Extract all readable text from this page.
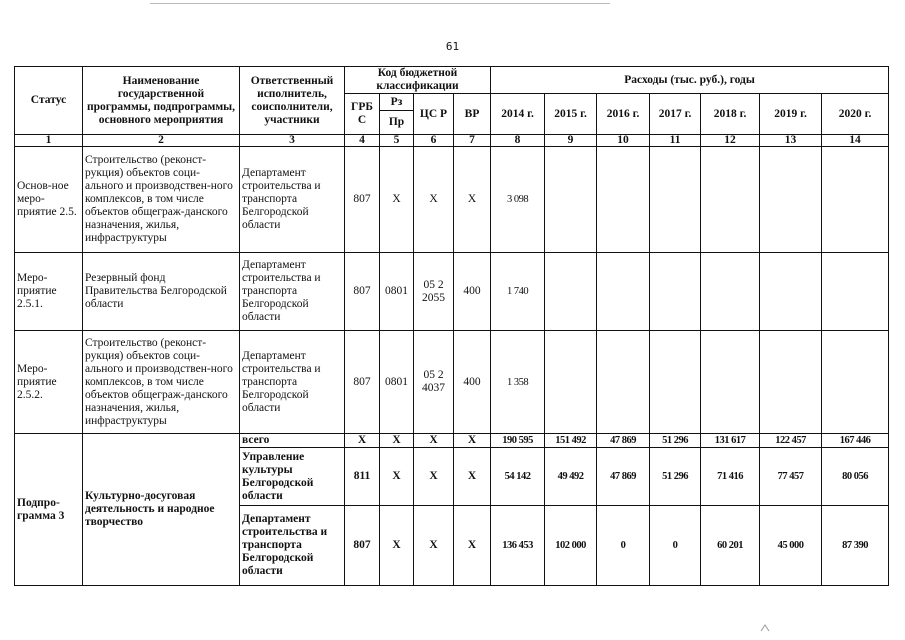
61
Статус	Наименование государственной программы, подпрограммы, основного мероприятия	Ответственный исполнитель, соисполнители, участники	Код бюджетной классификации				Расходы (тыс. руб.), годы						
			ГРБ С	Рз	ЦС Р	ВР	2014 г.	2015 г.	2016 г.	2017 г.	2018 г.	2019 г.	2020 г.
				Пр									
1	2	3	4	5	6	7	8	9	10	11	12	13	14
Основ-ное меро-приятие 2.5.	Строительство (реконст-рукция) объектов соци-ального и производствен-ного комплексов, в том числе объектов общеграж-данского назначения, жилья, инфраструктуры	Департамент строительства и транспорта Белгородской области	807	X	X	X	3 098						
Меро-приятие 2.5.1.	Резервный фонд Правительства Белгородской области	Департамент строительства и транспорта Белгородской области	807	0801	05 2 2055	400	1 740						
Меро-приятие 2.5.2.	Строительство (реконст-рукция) объектов соци-ального и производствен-ного комплексов, в том числе объектов общеграж-данского назначения, жилья, инфраструктуры	Департамент строительства и транспорта Белгородской области	807	0801	05 2 4037	400	1 358						
Подпро-грамма 3	Культурно-досуговая деятельность и народное творчество	всего	X	X	X	X	190 595	151 492	47 869	51 296	131 617	122 457	167 446
		Управление культуры Белгородской области	811	X	X	X	54 142	49 492	47 869	51 296	71 416	77 457	80 056
		Департамент строительства и транспорта Белгородской области	807	X	X	X	136 453	102 000	0	0	60 201	45 000	87 390
